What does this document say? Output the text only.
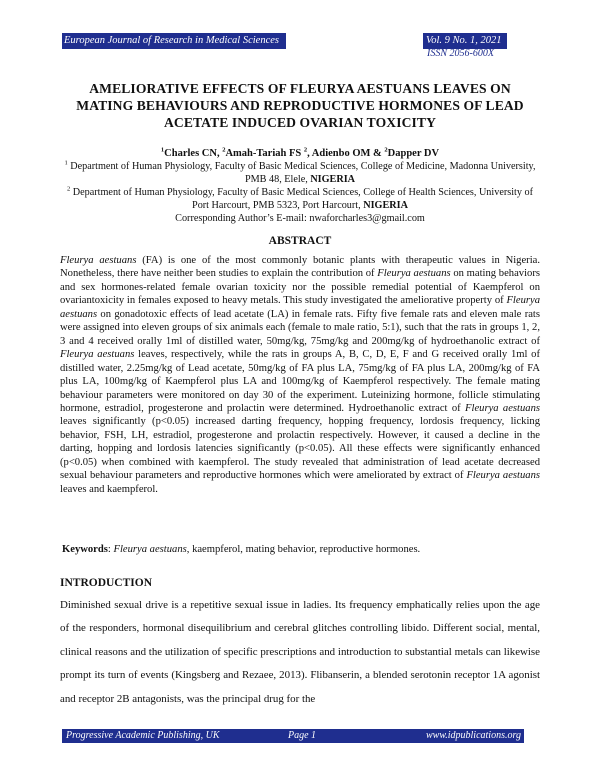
European Journal of Research in Medical Sciences	Vol. 9 No. 1, 2021
ISSN 2056-600X
AMELIORATIVE EFFECTS OF FLEURYA AESTUANS LEAVES ON
MATING BEHAVIOURS AND REPRODUCTIVE HORMONES OF LEAD
ACETATE INDUCED OVARIAN TOXICITY
$^1$Charles CN, $^2$Amah-Tariah FS $^2$, Adienbo OM & $^2$Dapper DV
$^1$ Department of Human Physiology, Faculty of Basic Medical Sciences, College of Medicine, Madonna University, PMB 48, Elele, NIGERIA
$^2$ Department of Human Physiology, Faculty of Basic Medical Sciences, College of Health Sciences, University of Port Harcourt, PMB 5323, Port Harcourt, NIGERIA
Corresponding Author’s E-mail: nwaforcharles3@gmail.com
ABSTRACT
Fleurya aestuans (FA) is one of the most commonly botanic plants with therapeutic values in Nigeria. Nonetheless, there have neither been studies to explain the contribution of Fleurya aestuans on mating behaviors and sex hormones-related female ovarian toxicity nor the possible remedial potential of Kaempferol on ovariantoxicity in females exposed to heavy metals. This study investigated the ameliorative property of Fleurya aestuans on gonadotoxic effects of lead acetate (LA) in female rats. Fifty five female rats and eleven male rats were assigned into eleven groups of six animals each (female to male ratio, 5:1), such that the rats in groups 1, 2, 3 and 4 received orally 1ml of distilled water, 50mg/kg, 75mg/kg and 200mg/kg of hydroethanolic extract of Fleurya aestuans leaves, respectively, while the rats in groups A, B, C, D, E, F and G received orally 1ml of distilled water, 2.25mg/kg of Lead acetate, 50mg/kg of FA plus LA, 75mg/kg of FA plus LA, 200mg/kg of FA plus LA, 100mg/kg of Kaempferol plus LA and 100mg/kg of Kaempferol respectively. The female mating behaviour parameters were monitored on day 30 of the experiment. Luteinizing hormone, follicle stimulating hormone, estradiol, progesterone and prolactin were determined. Hydroethanolic extract of Fleurya aestuans leaves significantly (p<0.05) increased darting frequency, hopping frequency, lordosis frequency, licking behavior, FSH, LH, estradiol, progesterone and prolactin respectively. However, it caused a decline in the darting, hopping and lordosis latencies significantly (p<0.05). All these effects were significantly enhanced (p<0.05) when combined with kaempferol. The study revealed that administration of lead acetate decreased sexual behaviour parameters and reproductive hormones which were ameliorated by extract of Fleurya aestuans leaves and kaempferol.
Keywords: Fleurya aestuans, kaempferol, mating behavior, reproductive hormones.
INTRODUCTION
Diminished sexual drive is a repetitive sexual issue in ladies. Its frequency emphatically relies upon the age of the responders, hormonal disequilibrium and cerebral glitches controlling libido. Different social, mental, clinical reasons and the utilization of specific prescriptions and introduction to substantial metals can likewise prompt its turn of events (Kingsberg and Rezaee, 2013). Flibanserin, a blended serotonin receptor 1A agonist and receptor 2B antagonists, was the principal drug for the
Progressive Academic Publishing, UK	Page 1	www.idpublications.org
